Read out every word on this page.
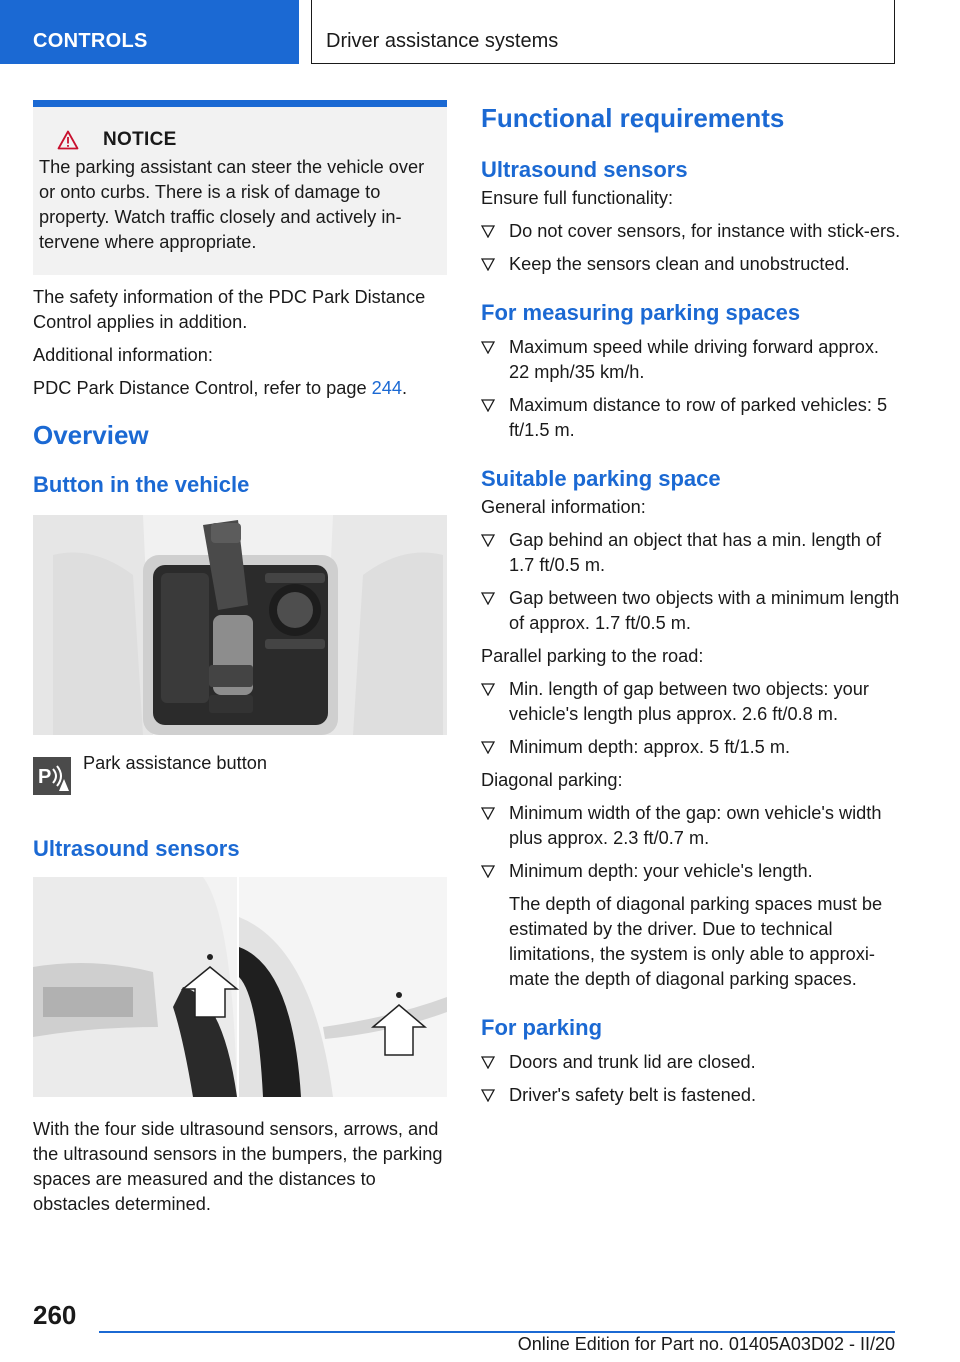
CONTROLS	Driver assistance systems
NOTICE

The parking assistant can steer the vehicle over or onto curbs. There is a risk of damage to property. Watch traffic closely and actively in‐tervene where appropriate.

The safety information of the PDC Park Distance Control applies in addition.

Additional information:

PDC Park Distance Control, refer to page 244.

Overview
Button in the vehicle
P

Park assistance button

Ultrasound sensors

With the four side ultrasound sensors, arrows, and the ultrasound sensors in the bumpers, the parking spaces are measured and the distances to obstacles determined.

Functional requirements
Ultrasound sensors

Ensure full functionality:

Do not cover sensors, for instance with stick‐ers.
Keep the sensors clean and unobstructed.
For measuring parking spaces
Maximum speed while driving forward approx. 22 mph/35 km/h.
Maximum distance to row of parked vehicles: 5 ft/1.5 m.
Suitable parking space

General information:

Gap behind an object that has a min. length of 1.7 ft/0.5 m.
Gap between two objects with a minimum length of approx. 1.7 ft/0.5 m.

Parallel parking to the road:

Min. length of gap between two objects: your vehicle's length plus approx. 2.6 ft/0.8 m.
Minimum depth: approx. 5 ft/1.5 m.

Diagonal parking:

Minimum width of the gap: own vehicle's width plus approx. 2.3 ft/0.7 m.
Minimum depth: your vehicle's length.

The depth of diagonal parking spaces must be estimated by the driver. Due to technical limitations, the system is only able to approxi‐mate the depth of diagonal parking spaces.

For parking
Doors and trunk lid are closed.
Driver's safety belt is fastened.
260
Online Edition for Part no. 01405A03D02 - II/20
